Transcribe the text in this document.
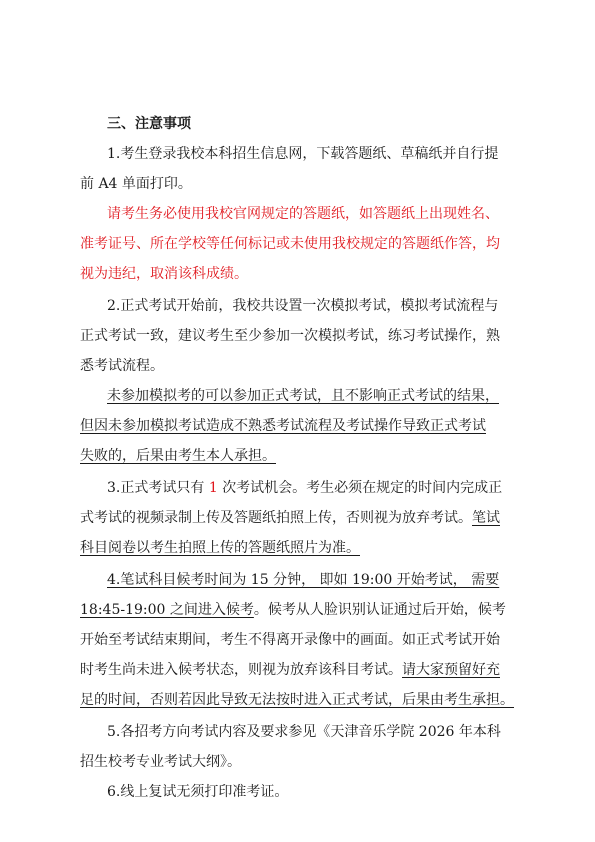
三、注意事项
1.考生登录我校本科招生信息网，下载答题纸、草稿纸并自行提
前 A4 单面打印。
请考生务必使用我校官网规定的答题纸，如答题纸上出现姓名、
准考证号、所在学校等任何标记或未使用我校规定的答题纸作答，均
视为违纪，取消该科成绩。
2.正式考试开始前，我校共设置一次模拟考试，模拟考试流程与
正式考试一致，建议考生至少参加一次模拟考试，练习考试操作，熟
悉考试流程。
未参加模拟考的可以参加正式考试，且不影响正式考试的结果，
但因未参加模拟考试造成不熟悉考试流程及考试操作导致正式考试
失败的，后果由考生本人承担。
3.正式考试只有 1 次考试机会。考生必须在规定的时间内完成正
式考试的视频录制上传及答题纸拍照上传，否则视为放弃考试。笔试
科目阅卷以考生拍照上传的答题纸照片为准。
4.笔试科目候考时间为 15 分钟， 即如 19:00 开始考试， 需要
18:45-19:00 之间进入候考。候考从人脸识别认证通过后开始，候考
开始至考试结束期间，考生不得离开录像中的画面。如正式考试开始
时考生尚未进入候考状态，则视为放弃该科目考试。请大家预留好充
足的时间，否则若因此导致无法按时进入正式考试，后果由考生承担。
5.各招考方向考试内容及要求参见《天津音乐学院 2026 年本科
招生校考专业考试大纲》。
6.线上复试无须打印准考证。
